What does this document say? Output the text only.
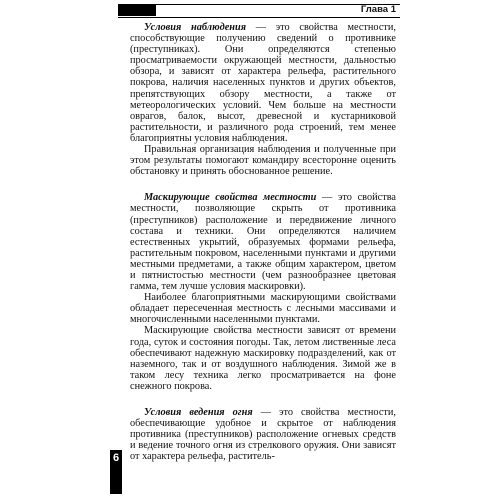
Глава 1
6

Условия наблюдения — это свойства местности, способствующие получению сведений о противнике (преступниках). Они определяются степенью просматриваемости окружающей местности, дальностью обзора, и зависят от характера рельефа, растительного покрова, наличия населенных пунктов и других объектов, препятствующих обзору местности, а также от метеорологических условий. Чем больше на местности оврагов, балок, высот, древесной и кустарниковой растительности, и различного рода строений, тем менее благоприятны условия наблюдения.

Правильная организация наблюдения и полученные при этом результаты помогают командиру всесторонне оценить обстановку и принять обоснованное решение.

Маскирующие свойства местности — это свойства местности, позволяющие скрыть от противника (преступников) расположение и передвижение личного состава и техники. Они определяются наличием естественных укрытий, образуемых формами рельефа, растительным покровом, населенными пунктами и другими местными предметами, а также общим характером, цветом и пятнистостью местности (чем разнообразнее цветовая гамма, тем лучше условия маскировки).

Наиболее благоприятными маскирующими свойствами обладает пересеченная местность с лесными массивами и многочисленными населенными пунктами.

Маскирующие свойства местности зависят от времени года, суток и состояния погоды. Так, летом лиственные леса обеспечивают надежную маскировку подразделений, как от наземного, так и от воздушного наблюдения. Зимой же в таком лесу техника легко просматривается на фоне снежного покрова.

Условия ведения огня — это свойства местности, обеспечивающие удобное и скрытое от наблюдения противника (преступников) расположение огневых средств и ведение точного огня из стрелкового оружия. Они зависят от характера рельефа, раститель-
